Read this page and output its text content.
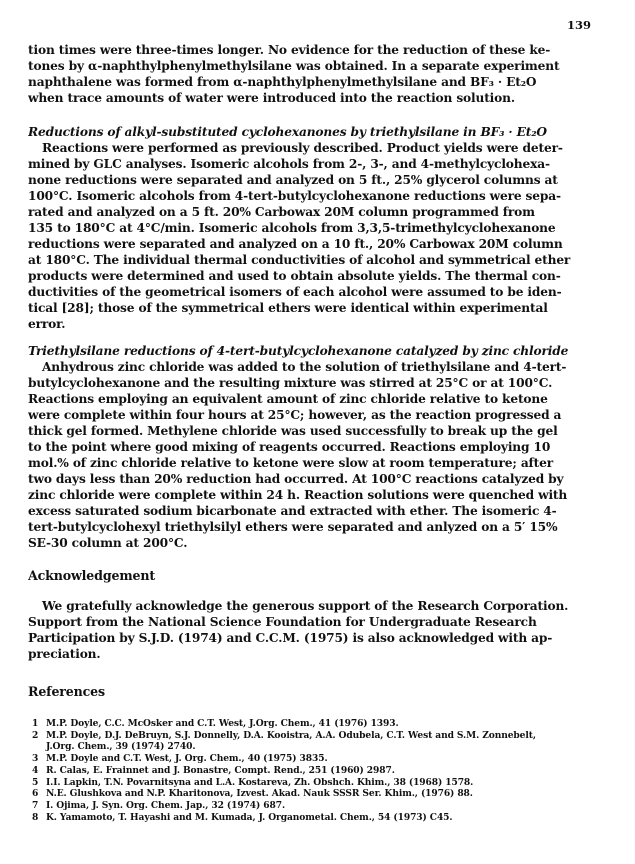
139
tion times were three-times longer. No evidence for the reduction of these ke-
tones by α-naphthylphenylmethylsilane was obtained. In a separate experiment
naphthalene was formed from α-naphthylphenylmethylsilane and BF₃ · Et₂O
when trace amounts of water were introduced into the reaction solution.
Reductions of alkyl-substituted cyclohexanones by triethylsilane in BF₃ · Et₂O
Reactions were performed as previously described. Product yields were deter-
mined by GLC analyses. Isomeric alcohols from 2-, 3-, and 4-methylcyclohexa-
none reductions were separated and analyzed on 5 ft., 25% glycerol columns at
100°C. Isomeric alcohols from 4-tert-butylcyclohexanone reductions were sepa-
rated and analyzed on a 5 ft. 20% Carbowax 20M column programmed from
135 to 180°C at 4°C/min. Isomeric alcohols from 3,3,5-trimethylcyclohexanone
reductions were separated and analyzed on a 10 ft., 20% Carbowax 20M column
at 180°C. The individual thermal conductivities of alcohol and symmetrical ether
products were determined and used to obtain absolute yields. The thermal con-
ductivities of the geometrical isomers of each alcohol were assumed to be iden-
tical [28]; those of the symmetrical ethers were identical within experimental
error.
Triethylsilane reductions of 4-tert-butylcyclohexanone catalyzed by zinc chloride
Anhydrous zinc chloride was added to the solution of triethylsilane and 4-tert-
butylcyclohexanone and the resulting mixture was stirred at 25°C or at 100°C.
Reactions employing an equivalent amount of zinc chloride relative to ketone
were complete within four hours at 25°C; however, as the reaction progressed a
thick gel formed. Methylene chloride was used successfully to break up the gel
to the point where good mixing of reagents occurred. Reactions employing 10
mol.% of zinc chloride relative to ketone were slow at room temperature; after
two days less than 20% reduction had occurred. At 100°C reactions catalyzed by
zinc chloride were complete within 24 h. Reaction solutions were quenched with
excess saturated sodium bicarbonate and extracted with ether. The isomeric 4-
tert-butylcyclohexyl triethylsilyl ethers were separated and anlyzed on a 5′ 15%
SE-30 column at 200°C.
Acknowledgement
We gratefully acknowledge the generous support of the Research Corporation.
Support from the National Science Foundation for Undergraduate Research
Participation by S.J.D. (1974) and C.C.M. (1975) is also acknowledged with ap-
preciation.
References
1 M.P. Doyle, C.C. McOsker and C.T. West, J.Org. Chem., 41 (1976) 1393.
2 M.P. Doyle, D.J. DeBruyn, S.J. Donnelly, D.A. Kooistra, A.A. Odubela, C.T. West and S.M. Zonnebelt,
J.Org. Chem., 39 (1974) 2740.
3 M.P. Doyle and C.T. West, J. Org. Chem., 40 (1975) 3835.
4 R. Calas, E. Frainnet and J. Bonastre, Compt. Rend., 251 (1960) 2987.
5 I.I. Lapkin, T.N. Povarnitsyna and L.A. Kostareva, Zh. Obshch. Khim., 38 (1968) 1578.
6 N.E. Glushkova and N.P. Kharitonova, Izvest. Akad. Nauk SSSR Ser. Khim., (1976) 88.
7 I. Ojima, J. Syn. Org. Chem. Jap., 32 (1974) 687.
8 K. Yamamoto, T. Hayashi and M. Kumada, J. Organometal. Chem., 54 (1973) C45.
